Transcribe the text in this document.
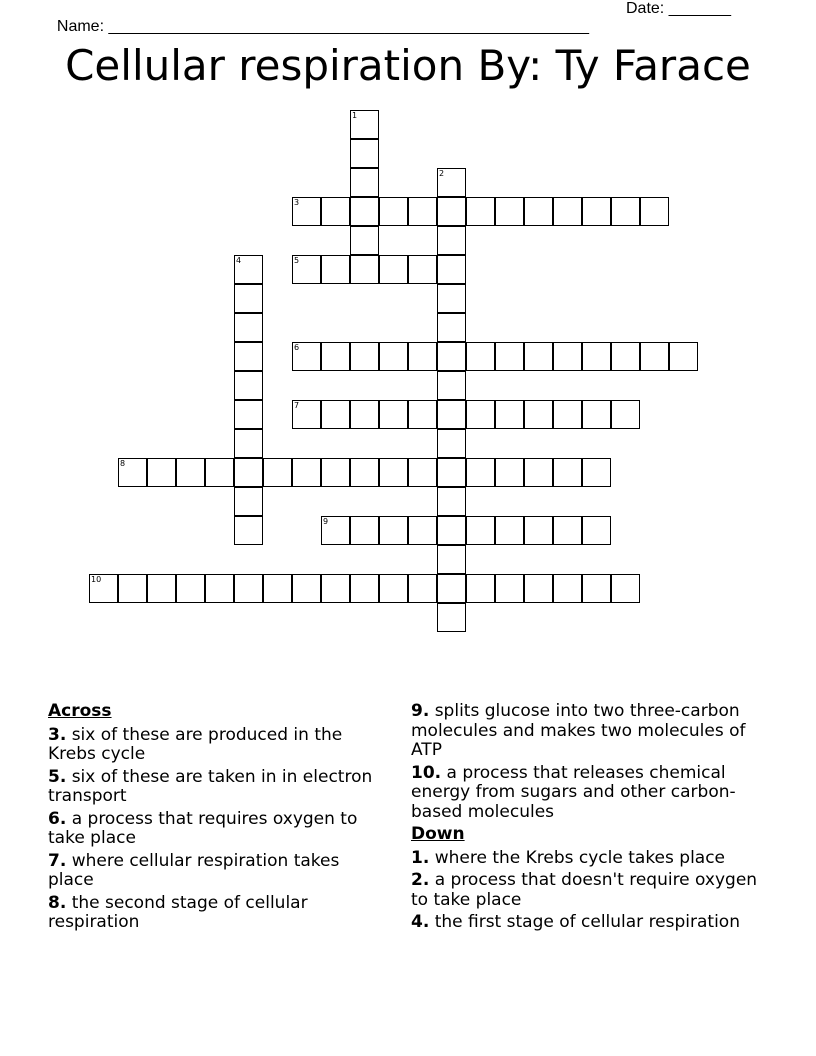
Name: ______________________________________________________

Date: _______

Cellular respiration By: Ty Farace
1
2
3
4	5
6
7
8
9
10
Across
3. six of these are produced in the Krebs cycle
5. six of these are taken in in electron transport
6. a process that requires oxygen to take place
7. where cellular respiration takes place
8. the second stage of cellular respiration
9. splits glucose into two three-carbon molecules and makes two molecules of ATP
10. a process that releases chemical energy from sugars and other carbon-based molecules
Down
1. where the Krebs cycle takes place
2. a process that doesn't require oxygen to take place
4. the first stage of cellular respiration
